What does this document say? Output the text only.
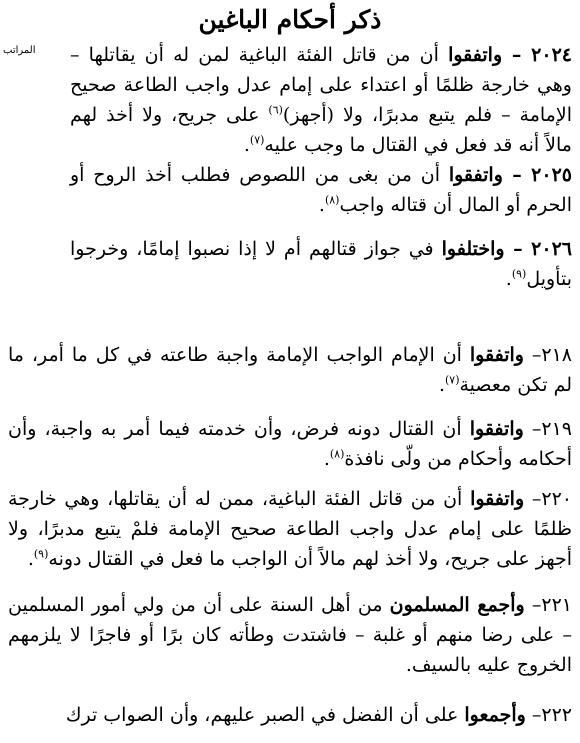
ذكر أحكام الباغين
المراتب	٢٠٢٤ – واتفقوا أن من قاتل الفئة الباغية لمن له أن يقاتلها – وهي خارجة ظلمًا أو اعتداء على إمام عدل واجب الطاعة صحيح الإمامة – فلم يتبع مدبرًا، ولا (أجهز)$^{(٦)}$ على جريح، ولا أخذ لهم مالاً أنه قد فعل في القتال ما وجب عليه$^{(٧)}$.

٢٠٢٥ – واتفقوا أن من بغى من اللصوص فطلب أخذ الروح أو الحرم أو المال أن قتاله واجب$^{(٨)}$.

٢٠٢٦ – واختلفوا في جواز قتالهم أم لا إذا نصبوا إمامًا، وخرجوا بتأويل$^{(٩)}$.

٢١٨– واتفقوا أن الإمام الواجب الإمامة واجبة طاعته في كل ما أمر، ما لم تكن معصية$^{(٧)}$.

٢١٩– واتفقوا أن القتال دونه فرض، وأن خدمته فيما أمر به واجبة، وأن أحكامه وأحكام من ولّى نافذة$^{(٨)}$.

٢٢٠– واتفقوا أن من قاتل الفئة الباغية، ممن له أن يقاتلها، وهي خارجة ظلمًا على إمام عدل واجب الطاعة صحيح الإمامة فلمْ يتبع مدبرًا، ولا أجهز على جريح، ولا أخذ لهم مالاً أن الواجب ما فعل في القتال دونه$^{(٩)}$.

٢٢١– وأجمع المسلمون من أهل السنة على أن من ولي أمور المسلمين – على رضا منهم أو غلبة – فاشتدت وطأته كان برًا أو فاجرًا لا يلزمهم الخروج عليه بالسيف.

٢٢٢– وأجمعوا على أن الفضل في الصبر عليهم، وأن الصواب ترك
